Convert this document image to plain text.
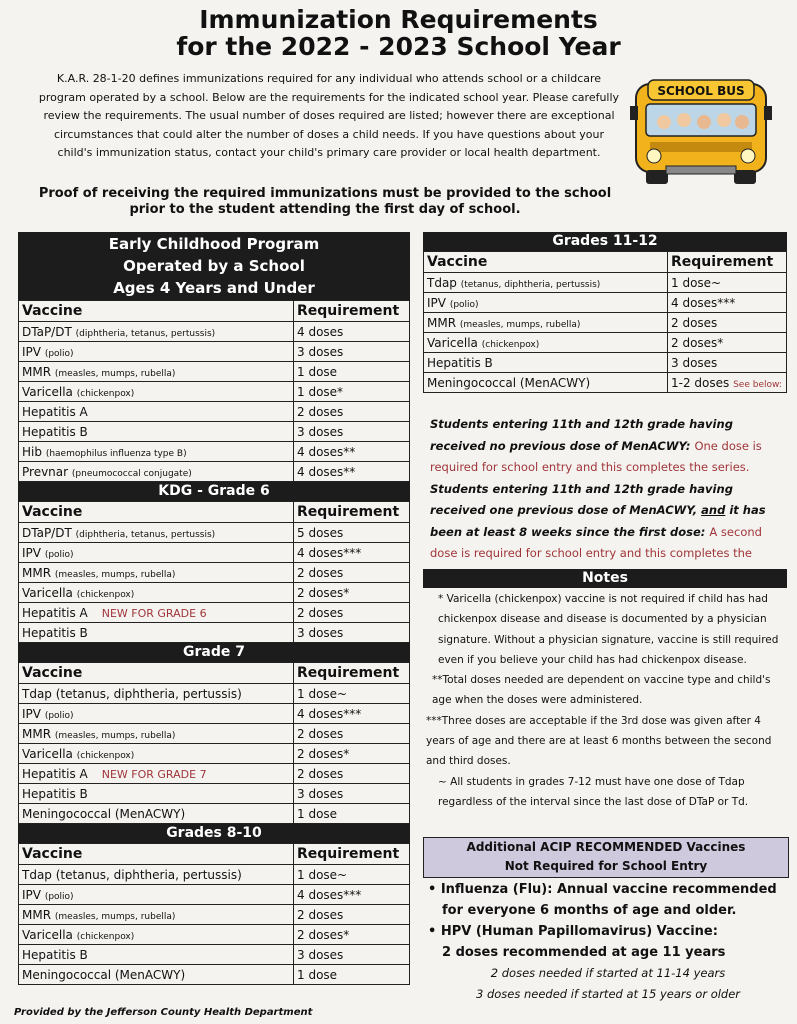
Immunization Requirements
for the 2022 - 2023 School Year
K.A.R. 28-1-20 defines immunizations required for any individual who attends school or a childcare program operated by a school. Below are the requirements for the indicated school year. Please carefully review the requirements. The usual number of doses required are listed; however there are exceptional circumstances that could alter the number of doses a child needs. If you have questions about your child's immunization status, contact your child's primary care provider or local health department.
Proof of receiving the required immunizations must be provided to the school
prior to the student attending the first day of school.
SCHOOL BUS
Early Childhood Program
Operated by a School
Ages 4 Years and Under
Vaccine	Requirement
DTaP/DT (diphtheria, tetanus, pertussis)	4 doses
IPV (polio)	3 doses
MMR (measles, mumps, rubella)	1 dose
Varicella (chickenpox)	1 dose*
Hepatitis A	2 doses
Hepatitis B	3 doses
Hib (haemophilus influenza type B)	4 doses**
Prevnar (pneumococcal conjugate)	4 doses**
KDG - Grade 6
Vaccine	Requirement
DTaP/DT (diphtheria, tetanus, pertussis)	5 doses
IPV (polio)	4 doses***
MMR (measles, mumps, rubella)	2 doses
Varicella (chickenpox)	2 doses*
Hepatitis A NEW FOR GRADE 6	2 doses
Hepatitis B	3 doses
Grade 7
Vaccine	Requirement
Tdap (tetanus, diphtheria, pertussis)	1 dose~
IPV (polio)	4 doses***
MMR (measles, mumps, rubella)	2 doses
Varicella (chickenpox)	2 doses*
Hepatitis A NEW FOR GRADE 7	2 doses
Hepatitis B	3 doses
Meningococcal (MenACWY)	1 dose
Grades 8-10
Vaccine	Requirement
Tdap (tetanus, diphtheria, pertussis)	1 dose~
IPV (polio)	4 doses***
MMR (measles, mumps, rubella)	2 doses
Varicella (chickenpox)	2 doses*
Hepatitis B	3 doses
Meningococcal (MenACWY)	1 dose
Grades 11-12
Vaccine	Requirement
Tdap (tetanus, diphtheria, pertussis)	1 dose~
IPV (polio)	4 doses***
MMR (measles, mumps, rubella)	2 doses
Varicella (chickenpox)	2 doses*
Hepatitis B	3 doses
Meningococcal (MenACWY)	1-2 doses See below:
Students entering 11th and 12th grade having received no previous dose of MenACWY: One dose is required for school entry and this completes the series.
Students entering 11th and 12th grade having received one previous dose of MenACWY, and it has been at least 8 weeks since the first dose: A second dose is required for school entry and this completes the
Notes

* Varicella (chickenpox) vaccine is not required if child has had chickenpox disease and disease is documented by a physician signature. Without a physician signature, vaccine is still required even if you believe your child has had chickenpox disease.

**Total doses needed are dependent on vaccine type and child's age when the doses were administered.

***Three doses are acceptable if the 3rd dose was given after 4 years of age and there are at least 6 months between the second and third doses.

~ All students in grades 7-12 must have one dose of Tdap regardless of the interval since the last dose of DTaP or Td.

Additional ACIP RECOMMENDED Vaccines
Not Required for School Entry
• Influenza (Flu): Annual vaccine recommended
for everyone 6 months of age and older.
• HPV (Human Papillomavirus) Vaccine:
2 doses recommended at age 11 years
2 doses needed if started at 11-14 years
3 doses needed if started at 15 years or older
Provided by the Jefferson County Health Department
